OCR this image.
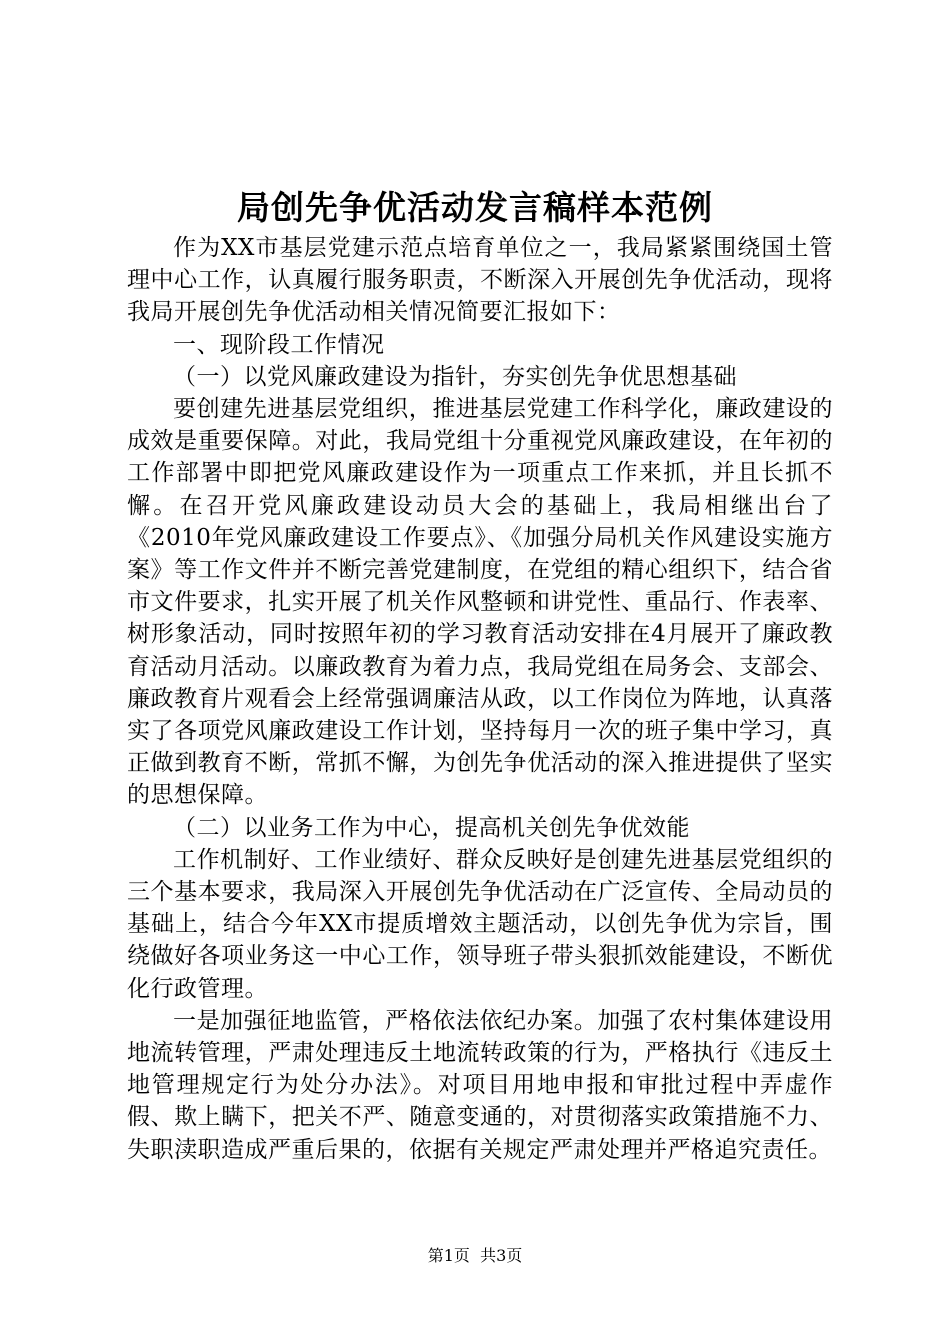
局创先争优活动发言稿样本范例

作为XX市基层党建示范点培育单位之一，我局紧紧围绕国土管理中心工作，认真履行服务职责，不断深入开展创先争优活动，现将我局开展创先争优活动相关情况简要汇报如下：

一、现阶段工作情况

（一）以党风廉政建设为指针，夯实创先争优思想基础

要创建先进基层党组织，推进基层党建工作科学化，廉政建设的成效是重要保障。对此，我局党组十分重视党风廉政建设，在年初的工作部署中即把党风廉政建设作为一项重点工作来抓，并且长抓不懈。在召开党风廉政建设动员大会的基础上，我局相继出台了《2010年党风廉政建设工作要点》、《加强分局机关作风建设实施方案》等工作文件并不断完善党建制度，在党组的精心组织下，结合省市文件要求，扎实开展了机关作风整顿和讲党性、重品行、作表率、树形象活动，同时按照年初的学习教育活动安排在4月展开了廉政教育活动月活动。以廉政教育为着力点，我局党组在局务会、支部会、廉政教育片观看会上经常强调廉洁从政，以工作岗位为阵地，认真落实了各项党风廉政建设工作计划，坚持每月一次的班子集中学习，真正做到教育不断，常抓不懈，为创先争优活动的深入推进提供了坚实的思想保障。

（二）以业务工作为中心，提高机关创先争优效能

工作机制好、工作业绩好、群众反映好是创建先进基层党组织的三个基本要求，我局深入开展创先争优活动在广泛宣传、全局动员的基础上，结合今年XX市提质增效主题活动，以创先争优为宗旨，围绕做好各项业务这一中心工作，领导班子带头狠抓效能建设，不断优化行政管理。

一是加强征地监管，严格依法依纪办案。加强了农村集体建设用地流转管理，严肃处理违反土地流转政策的行为，严格执行《违反土地管理规定行为处分办法》。对项目用地申报和审批过程中弄虚作假、欺上瞒下，把关不严、随意变通的，对贯彻落实政策措施不力、失职渎职造成严重后果的，依据有关规定严肃处理并严格追究责任。

第1页 共3页
